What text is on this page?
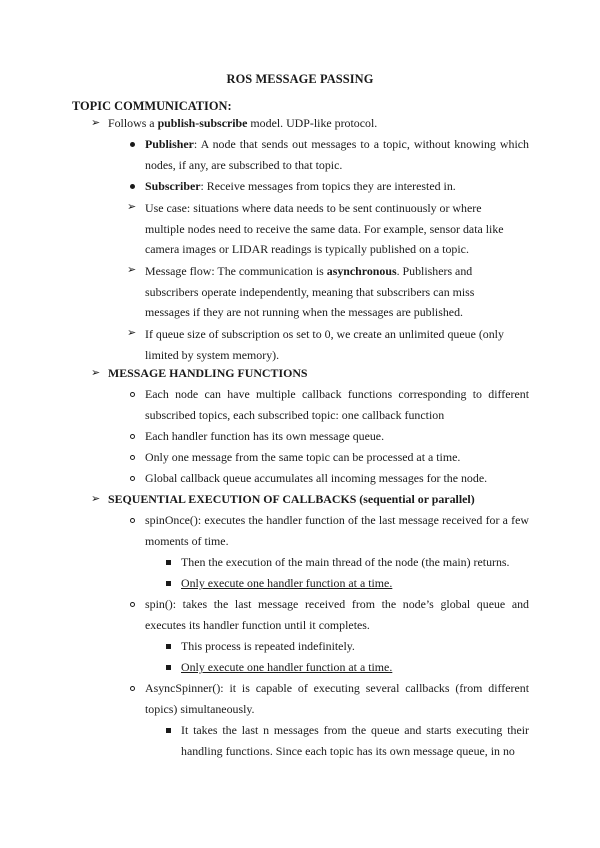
ROS MESSAGE PASSING
TOPIC COMMUNICATION:
➢ Follows a publish-subscribe model. UDP-like protocol.
Publisher: A node that sends out messages to a topic, without knowing which nodes, if any, are subscribed to that topic.
Subscriber: Receive messages from topics they are interested in.
➢ Use case: situations where data needs to be sent continuously or where multiple nodes need to receive the same data. For example, sensor data like camera images or LIDAR readings is typically published on a topic.
➢ Message flow: The communication is asynchronous. Publishers and subscribers operate independently, meaning that subscribers can miss messages if they are not running when the messages are published.
➢ If queue size of subscription os set to 0, we create an unlimited queue (only limited by system memory).
➢ MESSAGE HANDLING FUNCTIONS
Each node can have multiple callback functions corresponding to different subscribed topics, each subscribed topic: one callback function
Each handler function has its own message queue.
Only one message from the same topic can be processed at a time.
Global callback queue accumulates all incoming messages for the node.
➢ SEQUENTIAL EXECUTION OF CALLBACKS (sequential or parallel)
spinOnce(): executes the handler function of the last message received for a few moments of time.
Then the execution of the main thread of the node (the main) returns.
Only execute one handler function at a time.
spin(): takes the last message received from the node’s global queue and executes its handler function until it completes.
This process is repeated indefinitely.
Only execute one handler function at a time.
AsyncSpinner(): it is capable of executing several callbacks (from different topics) simultaneously.
It takes the last n messages from the queue and starts executing their handling functions. Since each topic has its own message queue, in no
